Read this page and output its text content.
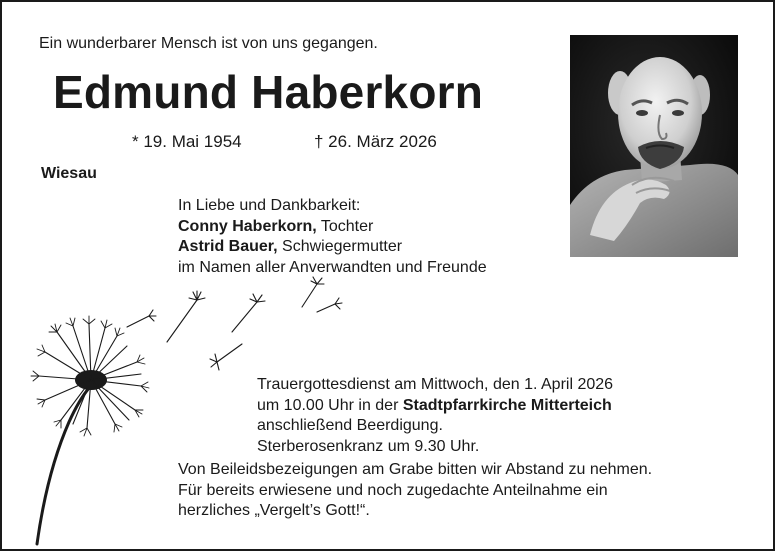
Ein wunderbarer Mensch ist von uns gegangen.
Edmund Haberkorn
* 19. Mai 1954	† 26. März 2026
Wiesau
In Liebe und Dankbarkeit:
Conny Haberkorn, Tochter
Astrid Bauer, Schwiegermutter
im Namen aller Anverwandten und Freunde
Trauergottesdienst am Mittwoch, den 1. April 2026
um 10.00 Uhr in der Stadtpfarrkirche Mitterteich
anschließend Beerdigung.
Sterberosenkranz um 9.30 Uhr.
Von Beileidsbezeigungen am Grabe bitten wir Abstand zu nehmen.
Für bereits erwiesene und noch zugedachte Anteilnahme ein
herzliches „Vergelt’s Gott!“.
